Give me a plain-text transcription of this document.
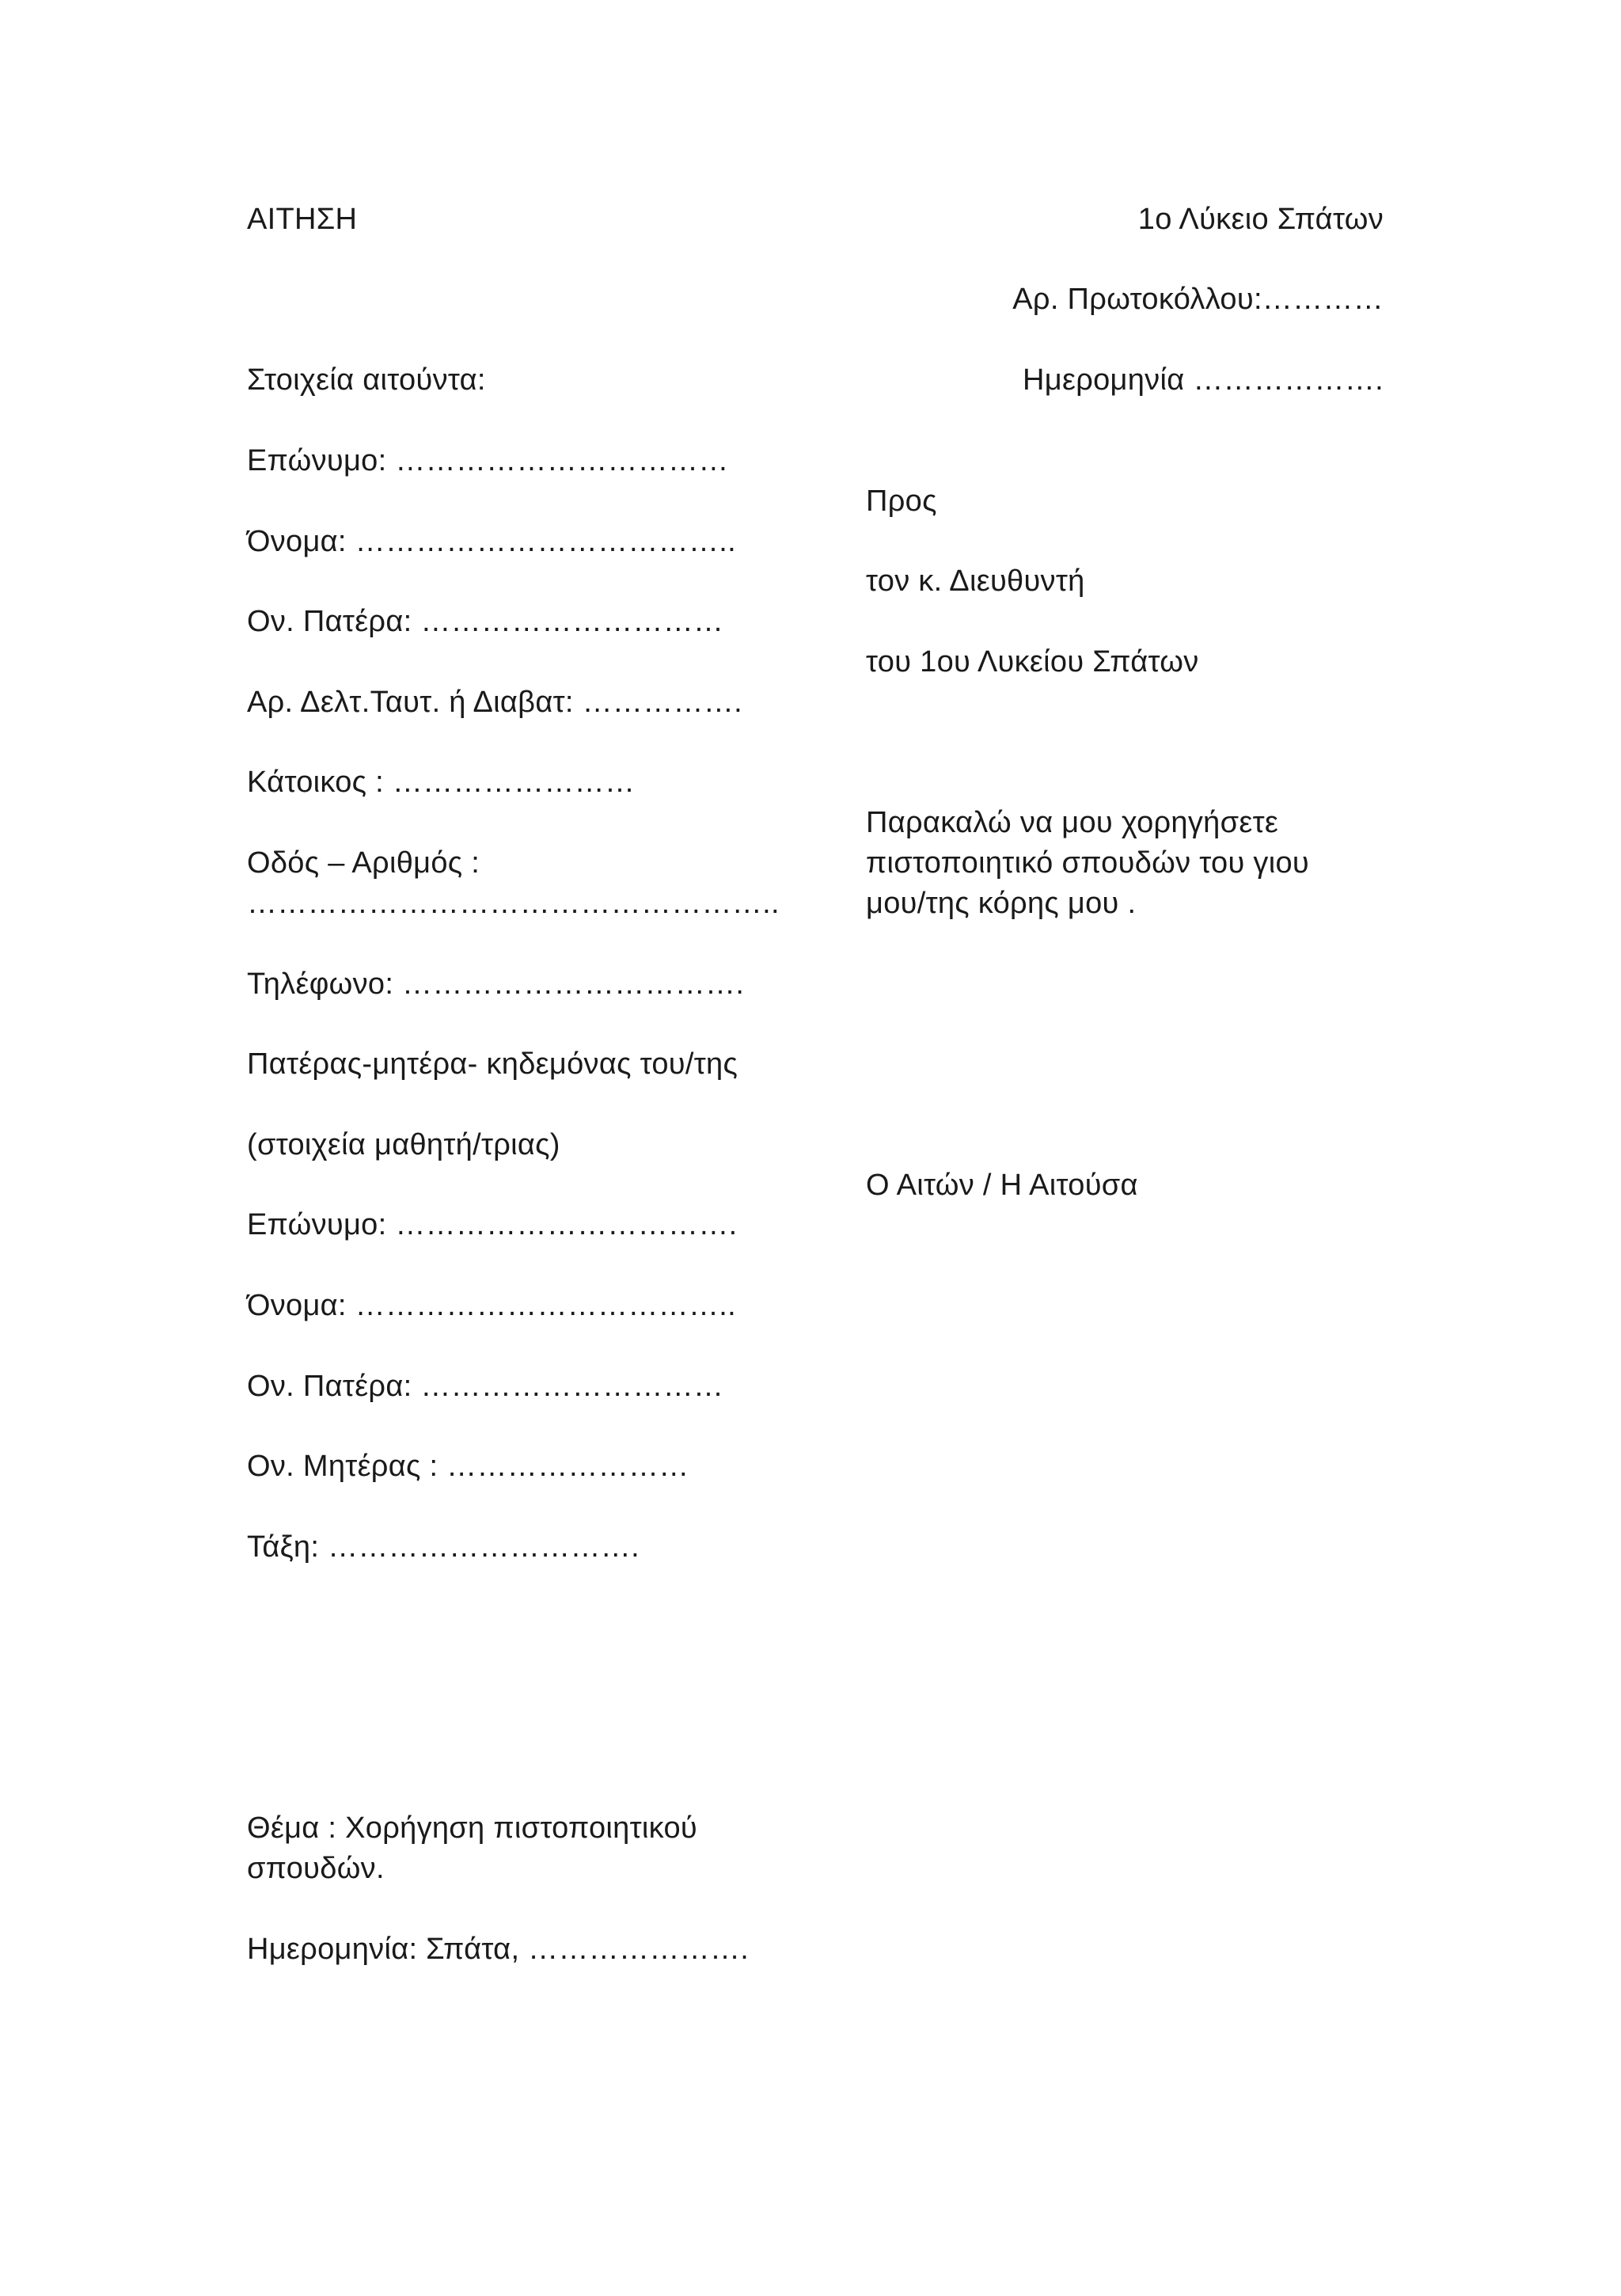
ΑΙΤΗΣΗ	1ο Λύκειο Σπάτων
Αρ. Πρωτοκόλλου:…………
Ημερομηνία ……………….
Στοιχεία αιτούντα:
Επώνυμο: ……………………………
Όνομα: ………………………………..
Ον. Πατέρα: …………………………
Αρ. Δελτ.Ταυτ. ή Διαβατ: …………….
Κάτοικος : ……………………
Οδός – Αριθμός :
……………………………………………..
Τηλέφωνο: …………………………….
Πατέρας-μητέρα- κηδεμόνας του/της
(στοιχεία μαθητή/τριας)
Επώνυμο: …………………………….
Όνομα: ………………………………..
Ον. Πατέρα: …………………………
Ον. Μητέρας : ……………………
Τάξη: ………………………….
Θέμα : Χορήγηση πιστοποιητικού
σπουδών.
Ημερομηνία: Σπάτα, ………………….
Προς
τον κ. Διευθυντή
του 1ου Λυκείου Σπάτων
Παρακαλώ να μου χορηγήσετε
πιστοποιητικό σπουδών του γιου
μου/της κόρης μου .
Ο Αιτών / Η Αιτούσα
